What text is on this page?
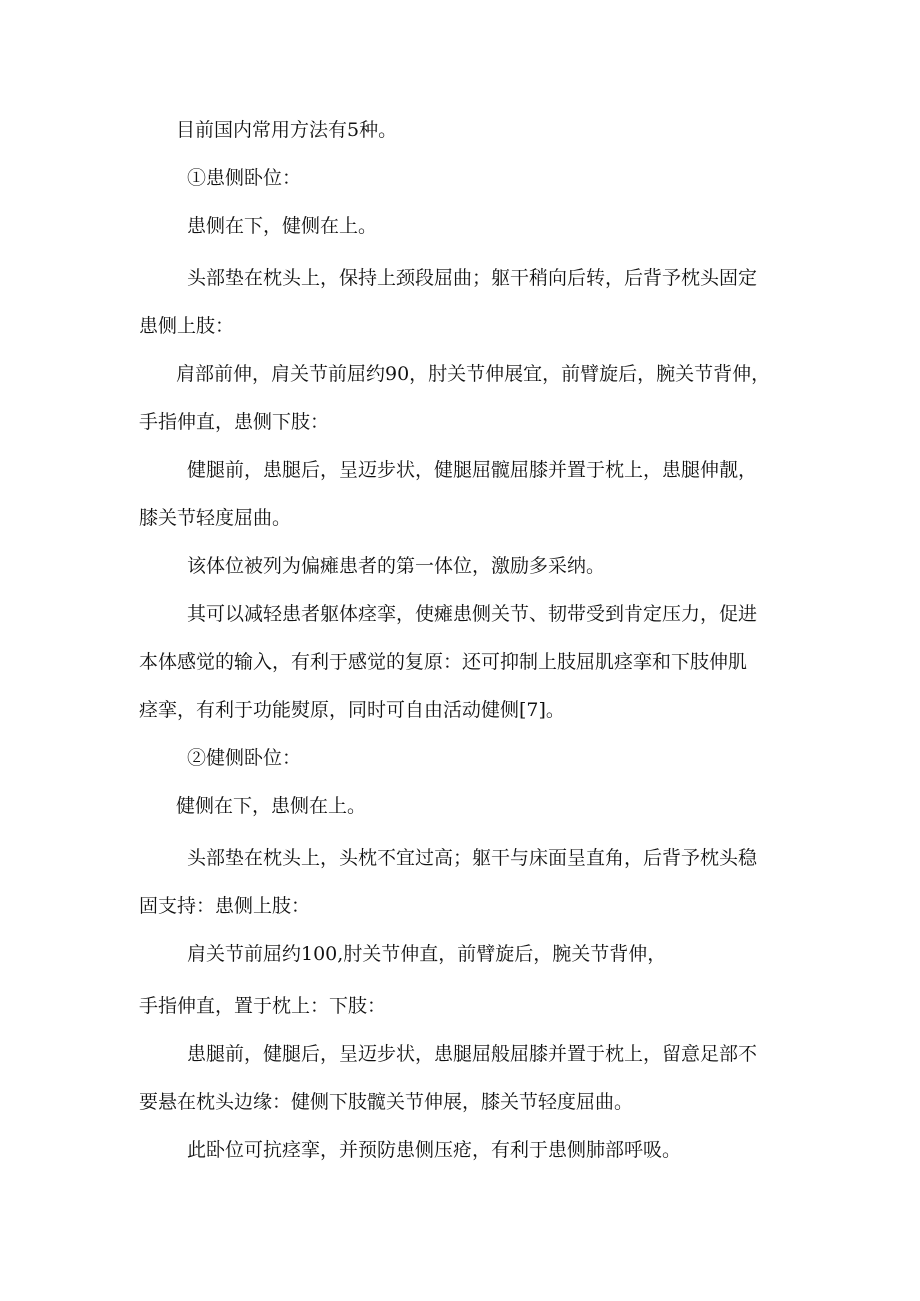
目前国内常用方法有5种。
①患侧卧位：
患侧在下，健侧在上。
头部垫在枕头上，保持上颈段屈曲；躯干稍向后转，后背予枕头固定
患侧上肢：
肩部前伸，肩关节前屈约90，肘关节伸展宜，前臂旋后，腕关节背伸，
手指伸直，患侧下肢：
健腿前，患腿后，呈迈步状，健腿屈髋屈膝并置于枕上，患腿伸靓，
膝关节轻度屈曲。
该体位被列为偏瘫患者的第一体位，激励多采纳。
其可以减轻患者躯体痉挛，使瘫患侧关节、韧带受到肯定压力，促进
本体感觉的输入，有利于感觉的复原：还可抑制上肢屈肌痉挛和下肢伸肌
痉挛，有利于功能熨原，同时可自由活动健侧[7]。
②健侧卧位：
健侧在下，患侧在上。
头部垫在枕头上，头枕不宜过高；躯干与床面呈直角，后背予枕头稳
固支持：患侧上肢：
肩关节前屈约100,肘关节伸直，前臂旋后，腕关节背伸，
手指伸直，置于枕上：下肢：
患腿前，健腿后，呈迈步状，患腿屈般屈膝并置于枕上，留意足部不
要悬在枕头边缘：健侧下肢髋关节伸展，膝关节轻度屈曲。
此卧位可抗痉挛，并预防患侧压疮，有利于患侧肺部呼吸。
